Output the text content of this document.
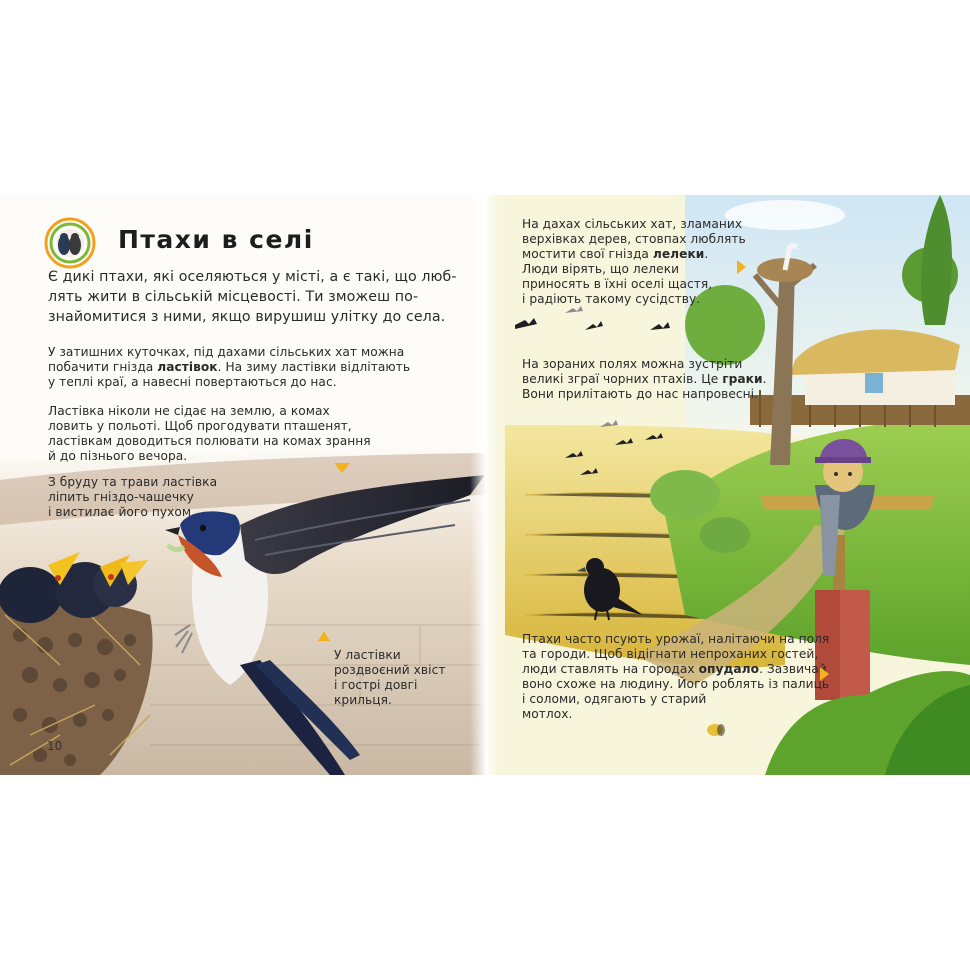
Птахи в селі

Є дикі птахи, які оселяються у місті, а є такі, що люб-

лять жити в сільській місцевості. Ти зможеш по-

знайомитися з ними, якщо вирушиш улітку до села.

У затишних куточках, під дахами сільських хат можна

побачити гнізда ластівок. На зиму ластівки відлітають

у теплі краї, а навесні повертаються до нас.

Ластівка ніколи не сідає на землю, а комах

ловить у польоті. Щоб прогодувати пташенят,

ластівкам доводиться полювати на комах зрання

й до пізнього вечора.

З бруду та трави ластівка

ліпить гніздо-чашечку

і вистилає його пухом.

У ластівки

роздвоєний хвіст

і гострі довгі

крильця.

10

На дахах сільських хат, зламаних

верхівках дерев, стовпах люблять

мостити свої гнізда лелеки.

Люди вірять, що лелеки

приносять в їхні оселі щастя,

і радіють такому сусідству.

На зораних полях можна зустріти

великі зграї чорних птахів. Це граки.

Вони прилітають до нас напровесні.

Птахи часто псують урожаї, налітаючи на поля

та городи. Щоб відігнати непроханих гостей,

люди ставлять на городах опудало. Зазвичай

воно схоже на людину. Його роблять із палиць

і соломи, одягають у старий

мотлох.
